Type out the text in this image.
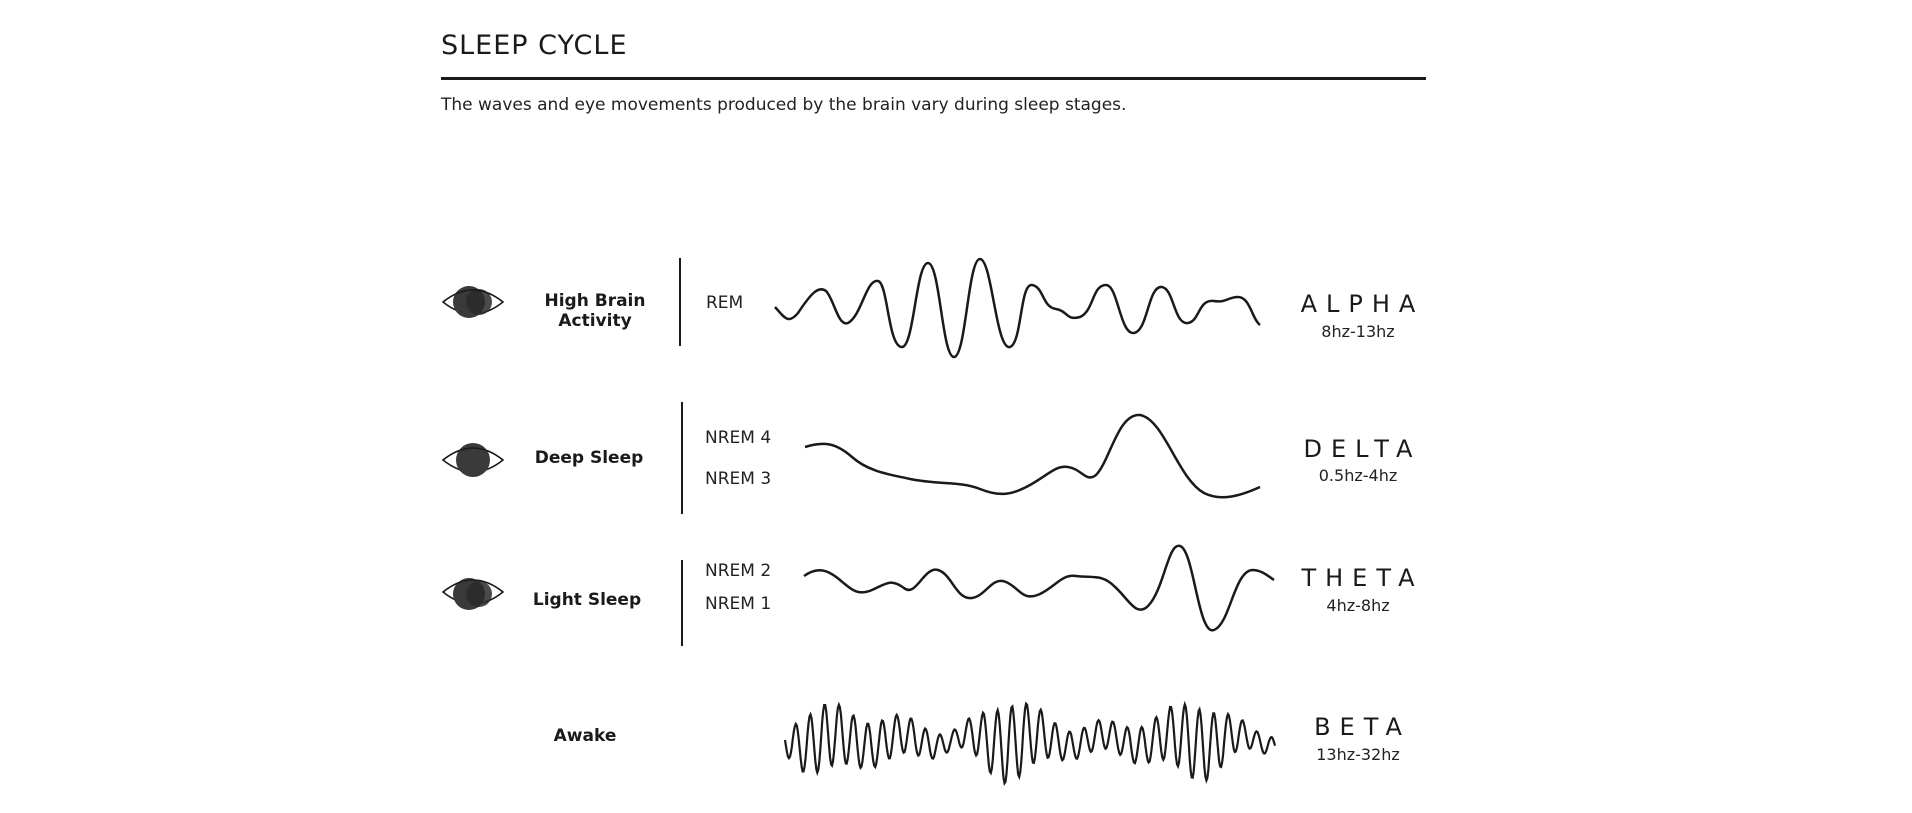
SLEEP CYCLE

The waves and eye movements produced by the brain vary during sleep stages.

High Brain Activity
REM	ALPHA
8hz-13hz
Deep Sleep
NREM 4
NREM 3
DELTA
0.5hz-4hz
Light Sleep
NREM 2
NREM 1
THETA
4hz-8hz
Awake	BETA
13hz-32hz
